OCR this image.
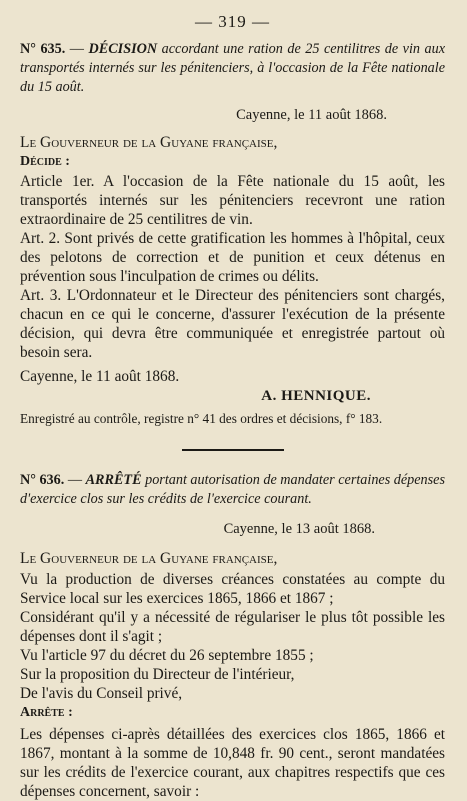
— 319 —

N° 635. — DÉCISION accordant une ration de 25 centilitres de vin aux transportés internés sur les pénitenciers, à l'occasion de la Fête nationale du 15 août.

Cayenne, le 11 août 1868.
Le Gouverneur de la Guyane française,
Décide :

Article 1er. A l'occasion de la Fête nationale du 15 août, les transportés internés sur les pénitenciers recevront une ration extraordinaire de 25 centilitres de vin.

Art. 2. Sont privés de cette gratification les hommes à l'hôpital, ceux des pelotons de correction et de punition et ceux détenus en prévention sous l'inculpation de crimes ou délits.

Art. 3. L'Ordonnateur et le Directeur des pénitenciers sont chargés, chacun en ce qui le concerne, d'assurer l'exécution de la présente décision, qui devra être communiquée et enregistrée partout où besoin sera.

Cayenne, le 11 août 1868.
A. HENNIQUE.
Enregistré au contrôle, registre n° 41 des ordres et décisions, f° 183.

N° 636. — ARRÊTÉ portant autorisation de mandater certaines dépenses d'exercice clos sur les crédits de l'exercice courant.

Cayenne, le 13 août 1868.
Le Gouverneur de la Guyane française,

Vu la production de diverses créances constatées au compte du Service local sur les exercices 1865, 1866 et 1867 ;

Considérant qu'il y a nécessité de régulariser le plus tôt possible les dépenses dont il s'agit ;

Vu l'article 97 du décret du 26 septembre 1855 ;

Sur la proposition du Directeur de l'intérieur,

De l'avis du Conseil privé,

Arrête :

Les dépenses ci-après détaillées des exercices clos 1865, 1866 et 1867, montant à la somme de 10,848 fr. 90 cent., seront mandatées sur les crédits de l'exercice courant, aux chapitres respectifs que ces dépenses concernent, savoir :
